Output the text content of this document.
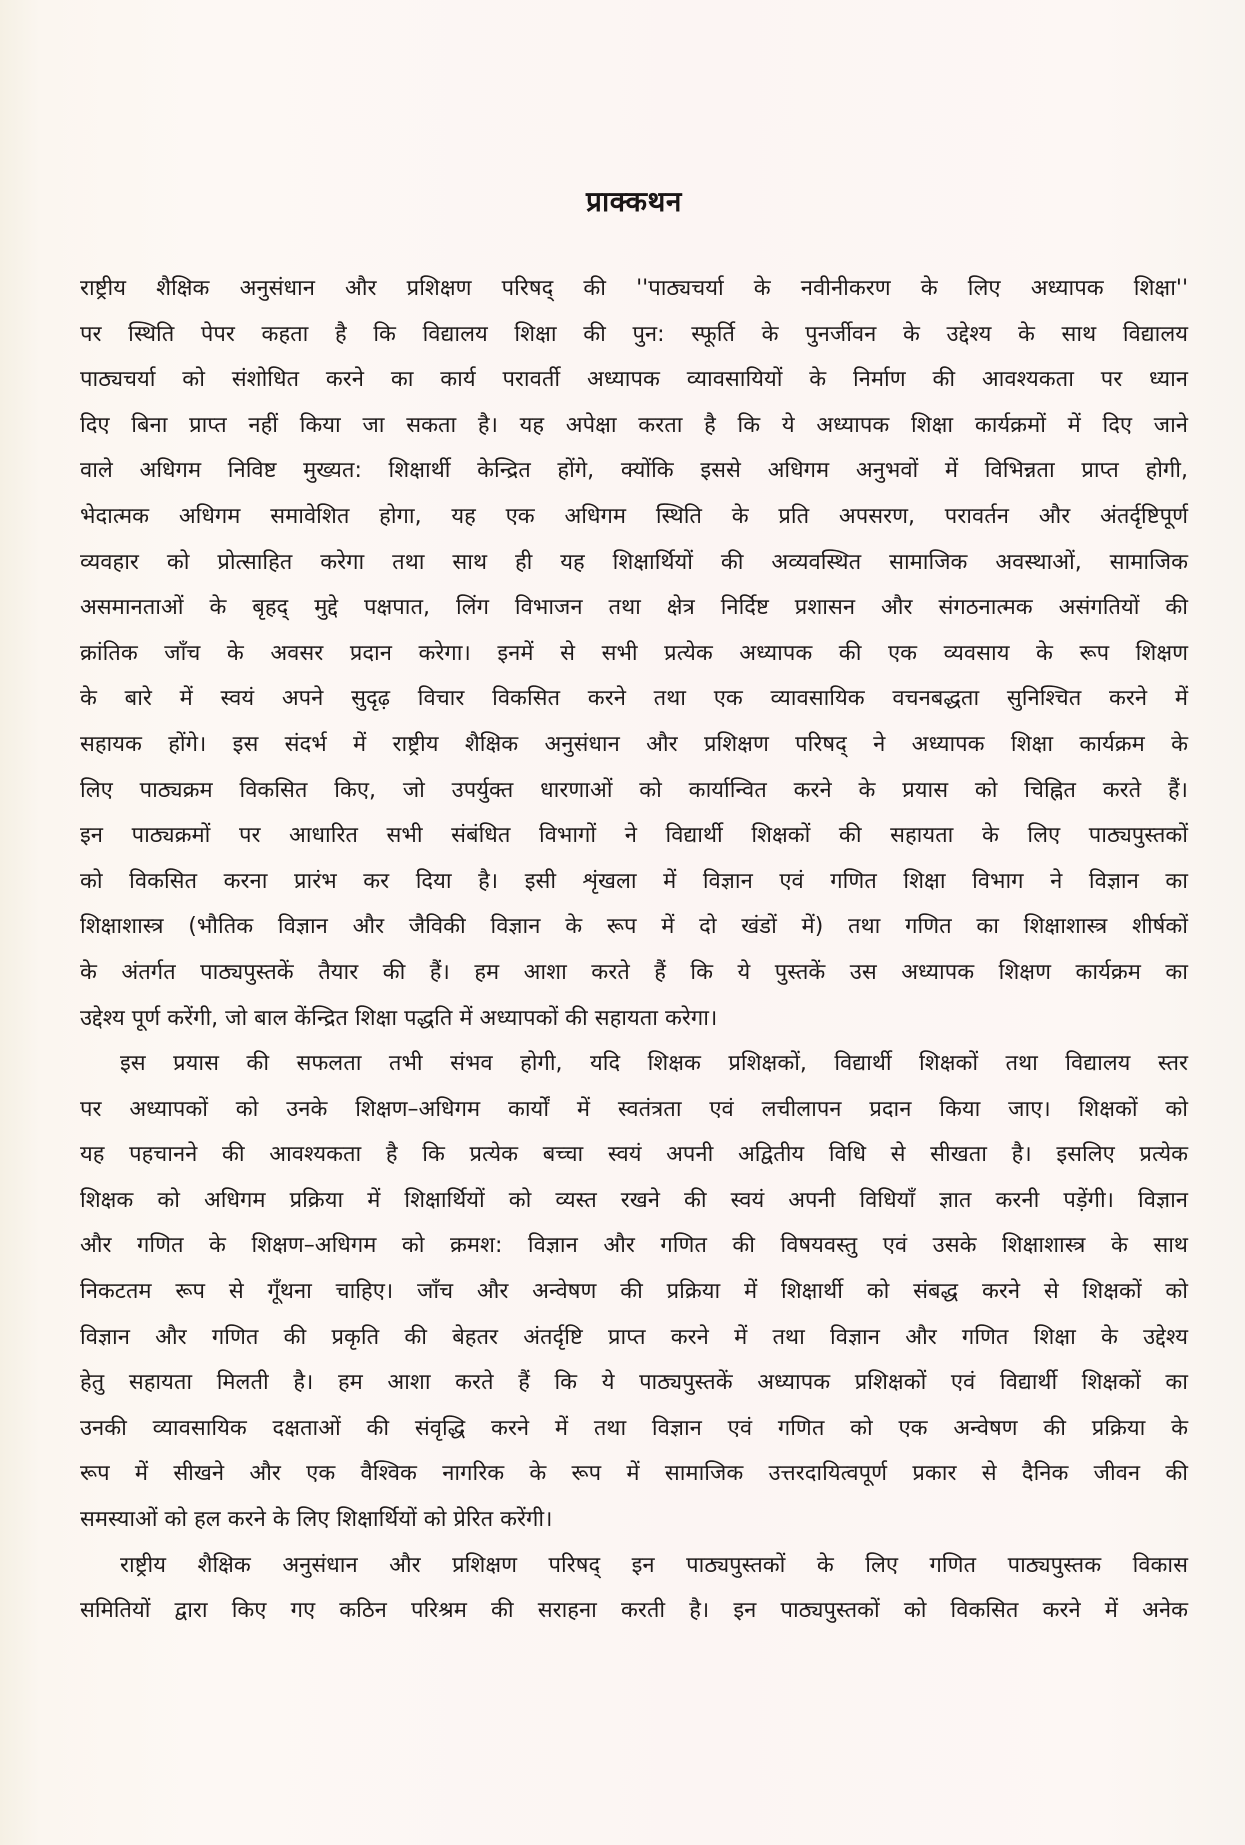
प्राक्कथन
राष्ट्रीय शैक्षिक अनुसंधान और प्रशिक्षण परिषद् की ''पाठ्यचर्या के नवीनीकरण के लिए अध्यापक शिक्षा''
पर स्थिति पेपर कहता है कि विद्यालय शिक्षा की पुन: स्फूर्ति के पुनर्जीवन के उद्देश्य के साथ विद्यालय
पाठ्यचर्या को संशोधित करने का कार्य परावर्ती अध्यापक व्यावसायियों के निर्माण की आवश्यकता पर ध्यान
दिए बिना प्राप्त नहीं किया जा सकता है। यह अपेक्षा करता है कि ये अध्यापक शिक्षा कार्यक्रमों में दिए जाने
वाले अधिगम निविष्ट मुख्यत: शिक्षार्थी केन्द्रित होंगे, क्योंकि इससे अधिगम अनुभवों में विभिन्नता प्राप्त होगी,
भेदात्मक अधिगम समावेशित होगा, यह एक अधिगम स्थिति के प्रति अपसरण, परावर्तन और अंतर्दृष्टिपूर्ण
व्यवहार को प्रोत्साहित करेगा तथा साथ ही यह शिक्षार्थियों की अव्यवस्थित सामाजिक अवस्थाओं, सामाजिक
असमानताओं के बृहद् मुद्दे पक्षपात, लिंग विभाजन तथा क्षेत्र निर्दिष्ट प्रशासन और संगठनात्मक असंगतियों की
क्रांतिक जाँच के अवसर प्रदान करेगा। इनमें से सभी प्रत्येक अध्यापक की एक व्यवसाय के रूप शिक्षण
के बारे में स्वयं अपने सुदृढ़ विचार विकसित करने तथा एक व्यावसायिक वचनबद्धता सुनिश्चित करने में
सहायक होंगे। इस संदर्भ में राष्ट्रीय शैक्षिक अनुसंधान और प्रशिक्षण परिषद् ने अध्यापक शिक्षा कार्यक्रम के
लिए पाठ्यक्रम विकसित किए, जो उपर्युक्त धारणाओं को कार्यान्वित करने के प्रयास को चिह्नित करते हैं।
इन पाठ्यक्रमों पर आधारित सभी संबंधित विभागों ने विद्यार्थी शिक्षकों की सहायता के लिए पाठ्यपुस्तकों
को विकसित करना प्रारंभ कर दिया है। इसी शृंखला में विज्ञान एवं गणित शिक्षा विभाग ने विज्ञान का
शिक्षाशास्त्र (भौतिक विज्ञान और जैविकी विज्ञान के रूप में दो खंडों में) तथा गणित का शिक्षाशास्त्र शीर्षकों
के अंतर्गत पाठ्यपुस्तकें तैयार की हैं। हम आशा करते हैं कि ये पुस्तकें उस अध्यापक शिक्षण कार्यक्रम का
उद्देश्य पूर्ण करेंगी, जो बाल केंन्द्रित शिक्षा पद्धति में अध्यापकों की सहायता करेगा।
इस प्रयास की सफलता तभी संभव होगी, यदि शिक्षक प्रशिक्षकों, विद्यार्थी शिक्षकों तथा विद्यालय स्तर
पर अध्यापकों को उनके शिक्षण–अधिगम कार्यों में स्वतंत्रता एवं लचीलापन प्रदान किया जाए। शिक्षकों को
यह पहचानने की आवश्यकता है कि प्रत्येक बच्चा स्वयं अपनी अद्वितीय विधि से सीखता है। इसलिए प्रत्येक
शिक्षक को अधिगम प्रक्रिया में शिक्षार्थियों को व्यस्त रखने की स्वयं अपनी विधियाँ ज्ञात करनी पड़ेंगी। विज्ञान
और गणित के शिक्षण–अधिगम को क्रमश: विज्ञान और गणित की विषयवस्तु एवं उसके शिक्षाशास्त्र के साथ
निकटतम रूप से गूँथना चाहिए। जाँच और अन्वेषण की प्रक्रिया में शिक्षार्थी को संबद्ध करने से शिक्षकों को
विज्ञान और गणित की प्रकृति की बेहतर अंतर्दृष्टि प्राप्त करने में तथा विज्ञान और गणित शिक्षा के उद्देश्य
हेतु सहायता मिलती है। हम आशा करते हैं कि ये पाठ्यपुस्तकें अध्यापक प्रशिक्षकों एवं विद्यार्थी शिक्षकों का
उनकी व्यावसायिक दक्षताओं की संवृद्धि करने में तथा विज्ञान एवं गणित को एक अन्वेषण की प्रक्रिया के
रूप में सीखने और एक वैश्विक नागरिक के रूप में सामाजिक उत्तरदायित्वपूर्ण प्रकार से दैनिक जीवन की
समस्याओं को हल करने के लिए शिक्षार्थियों को प्रेरित करेंगी।
राष्ट्रीय शैक्षिक अनुसंधान और प्रशिक्षण परिषद् इन पाठ्यपुस्तकों के लिए गणित पाठ्यपुस्तक विकास
समितियों द्वारा किए गए कठिन परिश्रम की सराहना करती है। इन पाठ्यपुस्तकों को विकसित करने में अनेक
